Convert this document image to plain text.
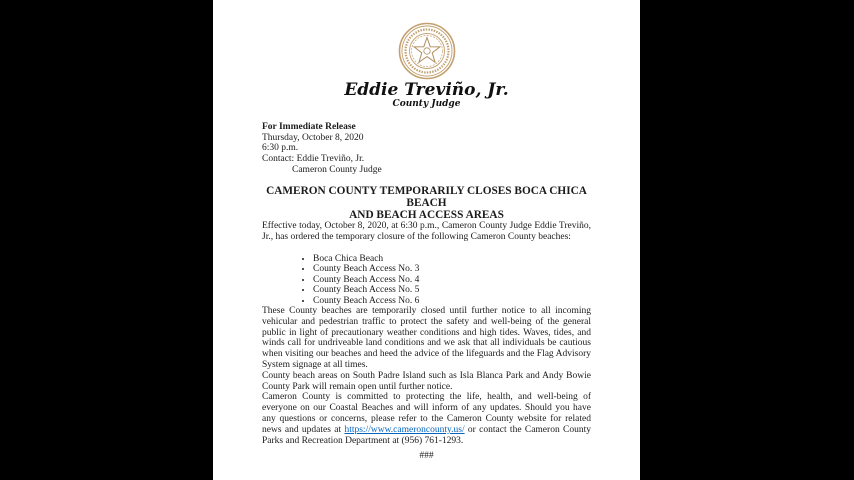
Eddie Treviño, Jr.
County Judge
For Immediate Release
Thursday, October 8, 2020
6:30 p.m.
Contact: Eddie Treviño, Jr.
Cameron County Judge
CAMERON COUNTY TEMPORARILY CLOSES BOCA CHICA BEACH
AND BEACH ACCESS AREAS

Effective today, October 8, 2020, at 6:30 p.m., Cameron County Judge Eddie Treviño, Jr., has ordered the temporary closure of the following Cameron County beaches:

• Boca Chica Beach
• County Beach Access No. 3
• County Beach Access No. 4
• County Beach Access No. 5
• County Beach Access No. 6

These County beaches are temporarily closed until further notice to all incoming vehicular and pedestrian traffic to protect the safety and well-being of the general public in light of precautionary weather conditions and high tides. Waves, tides, and winds call for undriveable land conditions and we ask that all individuals be cautious when visiting our beaches and heed the advice of the lifeguards and the Flag Advisory System signage at all times.

County beach areas on South Padre Island such as Isla Blanca Park and Andy Bowie County Park will remain open until further notice.

Cameron County is committed to protecting the life, health, and well-being of everyone on our Coastal Beaches and will inform of any updates. Should you have any questions or concerns, please refer to the Cameron County website for related news and updates at https://www.cameroncounty.us/ or contact the Cameron County Parks and Recreation Department at (956) 761-1293.

###
